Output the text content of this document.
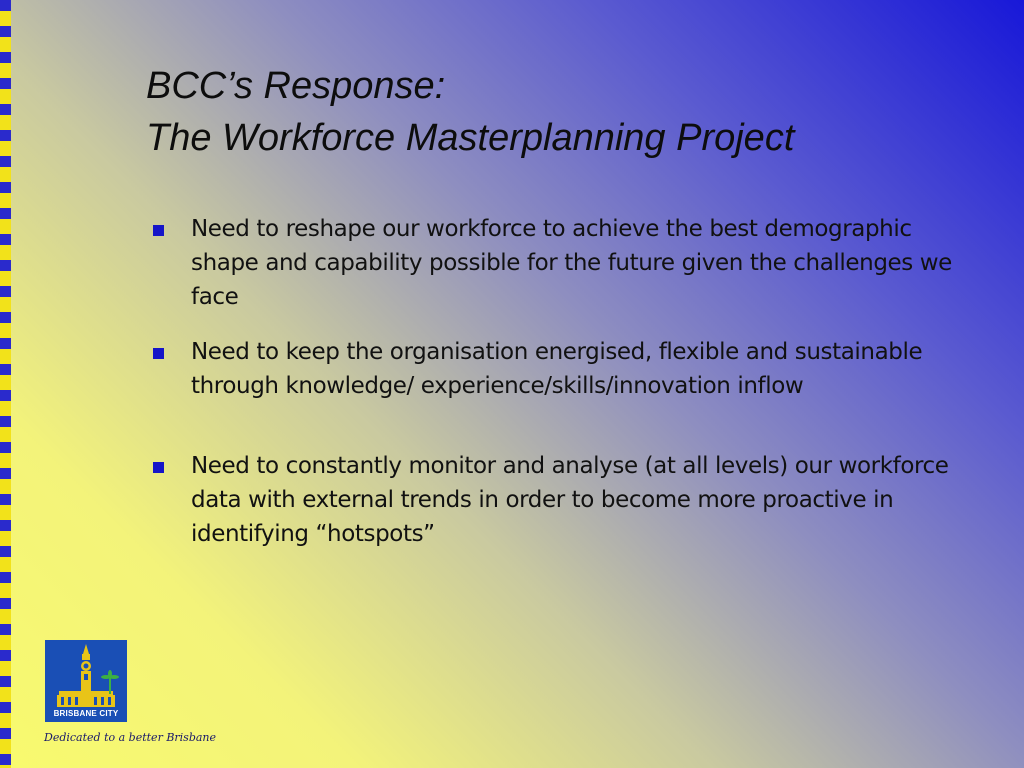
BCC’s Response:
The Workforce Masterplanning Project
Need to reshape our workforce to achieve the best demographic shape and capability possible for the future given the challenges we face
Need to keep the organisation energised, flexible and sustainable through knowledge/ experience/skills/innovation inflow
Need to constantly monitor and analyse (at all levels) our workforce data with external trends in order to become more proactive in identifying “hotspots”
BRISBANE CITY
Dedicated to a better Brisbane
